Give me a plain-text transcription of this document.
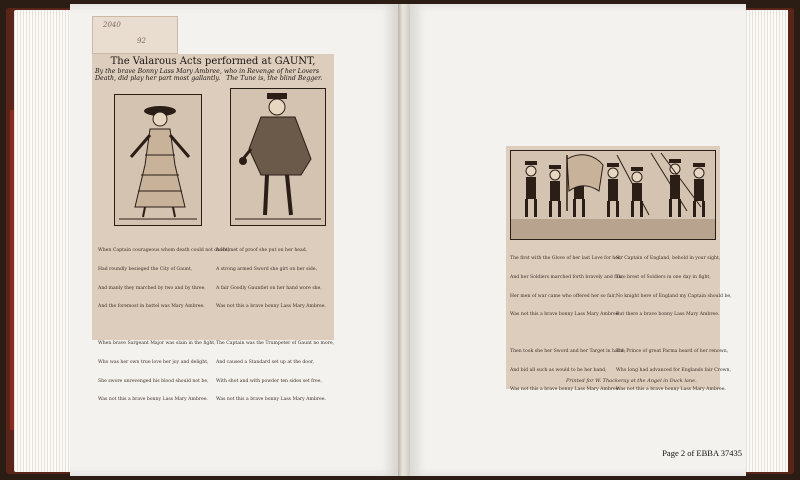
2040
92
The Valarous Acts performed at GAUNT,
By the brave Bonny Lass Mary Ambree, who in Revenge of her Lovers Death, did play her part most gallantly. The Tune is, the blind Begger.

When Captain courageous whom death could not daunt,

Had roundly besieged the City of Gaunt,

And manly they marched by two and by three,

And the foremost in battel was Mary Ambree.

When brave Sargeant Major was slain in the fight,

Who was her own true love her joy and delight,

She swore unrevenged his blood should not be,

Was not this a brave bonny Lass Mary Ambree.

A Helmet of proof she put on her head,

A strong armed Sword she girt on her side,

A fair Goodly Gauntlet on her hand wore she,

Was not this a brave bonny Lass Mary Ambree.

The Captain was the Trumpeter of Gaunt no more,

And caused a Standard set up at the door,

With shot and with powder ten sides set free,

Was not this a brave bonny Lass Mary Ambree.

The first with the Glove of her last Love for her,

And her Soldiers marched forth bravely and fair,

Her men of war came who offered her so fair,

Was not this a brave bonny Lass Mary Ambree.

Then took she her Sword and her Target in hand,

And bid all such as would to be her band,

Was not this a brave bonny Lass Mary Ambree.

Sir Captain of England, behold in your sight,

Two brest of Soldiers in one day in fight,

No knight here of England my Captain should be,

But there a brave bonny Lass Mary Ambree.

The Prince of great Parma heard of her renown,

Who long had advanced for Englands fair Crown,

Was not this a brave bonny Lass Mary Ambree.

Printed for W. Thackeray at the Angel in Duck lane.
Page 2 of EBBA 37435
